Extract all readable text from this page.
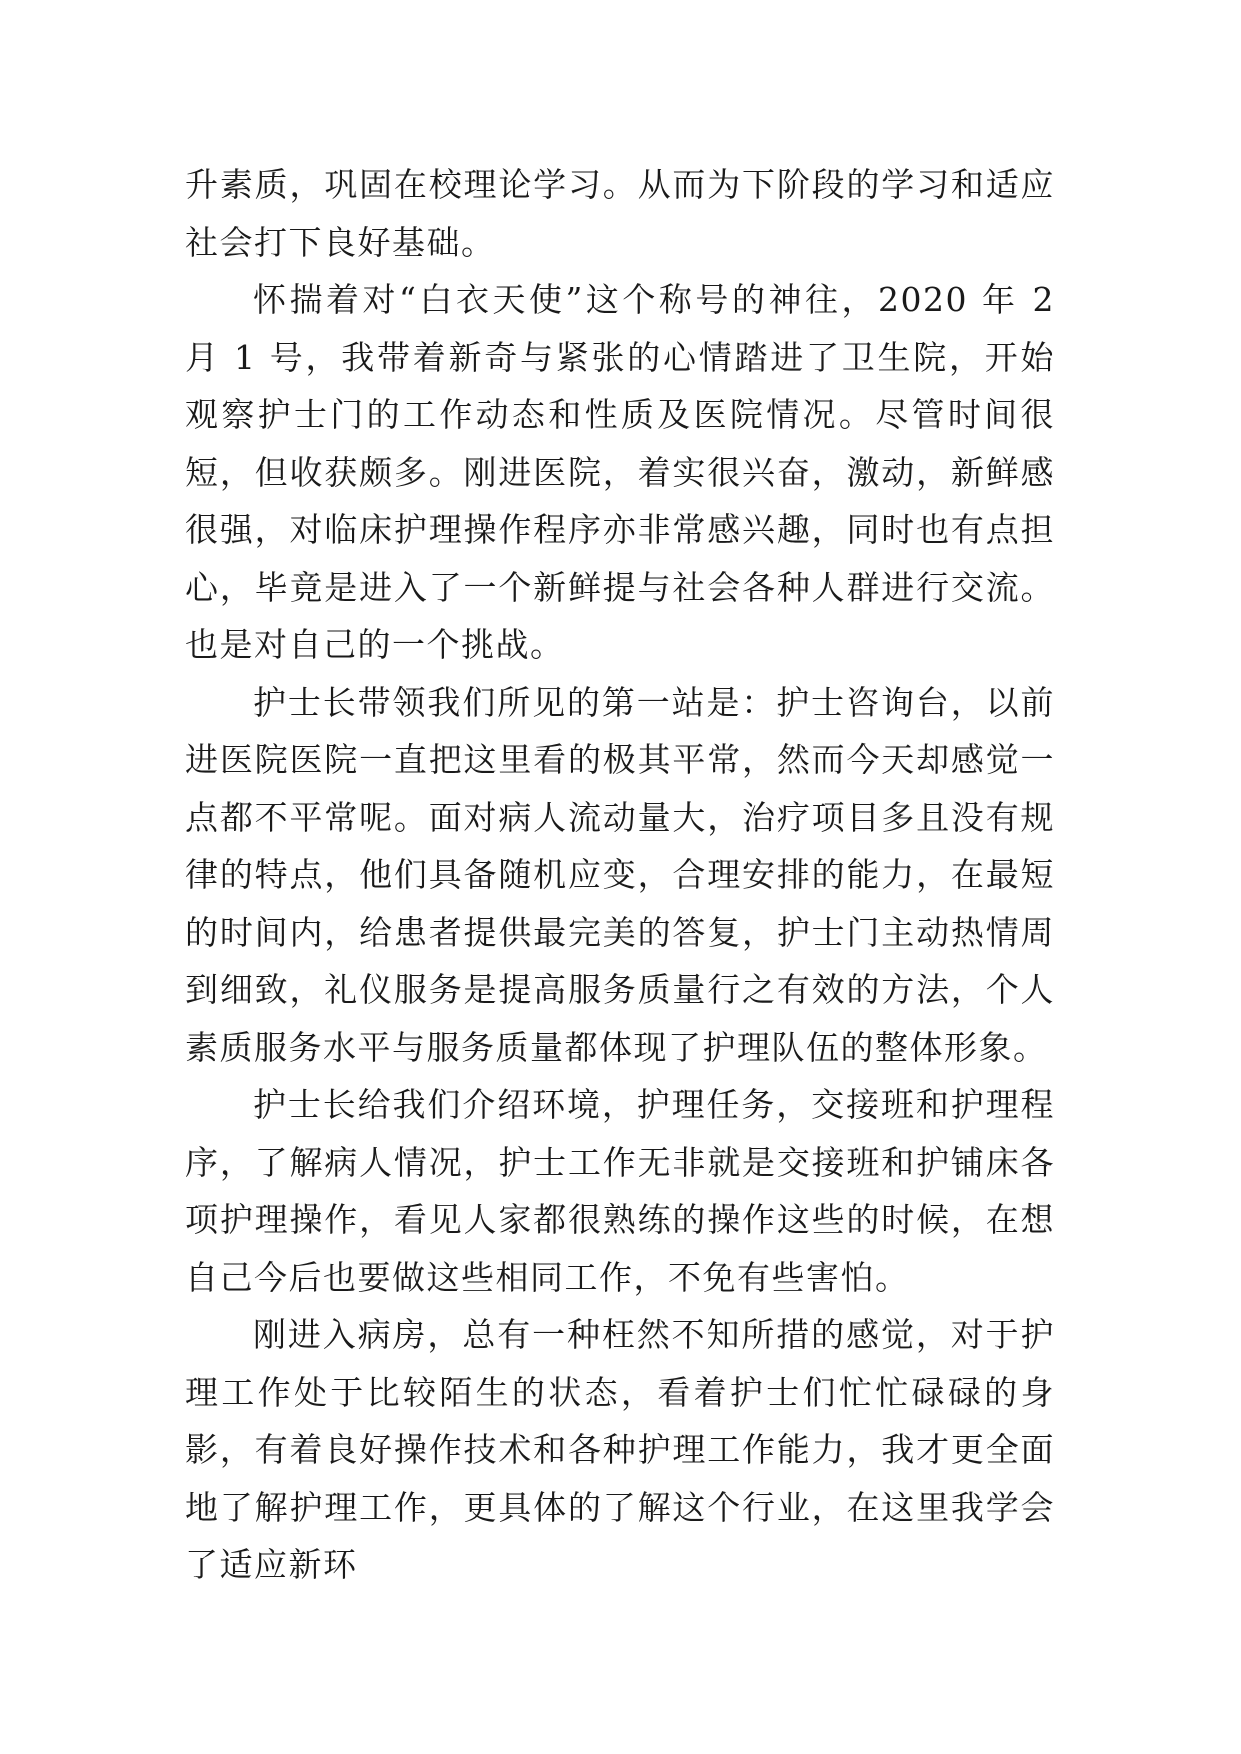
升素质，巩固在校理论学习。从而为下阶段的学习和适应社会打下良好基础。

怀揣着对“白衣天使”这个称号的神往，2020 年 2 月 1 号，我带着新奇与紧张的心情踏进了卫生院，开始观察护士门的工作动态和性质及医院情况。尽管时间很短，但收获颇多。刚进医院，着实很兴奋，激动，新鲜感很强，对临床护理操作程序亦非常感兴趣，同时也有点担心，毕竟是进入了一个新鲜提与社会各种人群进行交流。也是对自己的一个挑战。

护士长带领我们所见的第一站是：护士咨询台，以前进医院医院一直把这里看的极其平常，然而今天却感觉一点都不平常呢。面对病人流动量大，治疗项目多且没有规律的特点，他们具备随机应变，合理安排的能力，在最短的时间内，给患者提供最完美的答复，护士门主动热情周到细致，礼仪服务是提高服务质量行之有效的方法，个人素质服务水平与服务质量都体现了护理队伍的整体形象。

护士长给我们介绍环境，护理任务，交接班和护理程序，了解病人情况，护士工作无非就是交接班和护铺床各项护理操作，看见人家都很熟练的操作这些的时候，在想自己今后也要做这些相同工作，不免有些害怕。

刚进入病房，总有一种枉然不知所措的感觉，对于护理工作处于比较陌生的状态，看着护士们忙忙碌碌的身影，有着良好操作技术和各种护理工作能力，我才更全面地了解护理工作，更具体的了解这个行业，在这里我学会了适应新环
